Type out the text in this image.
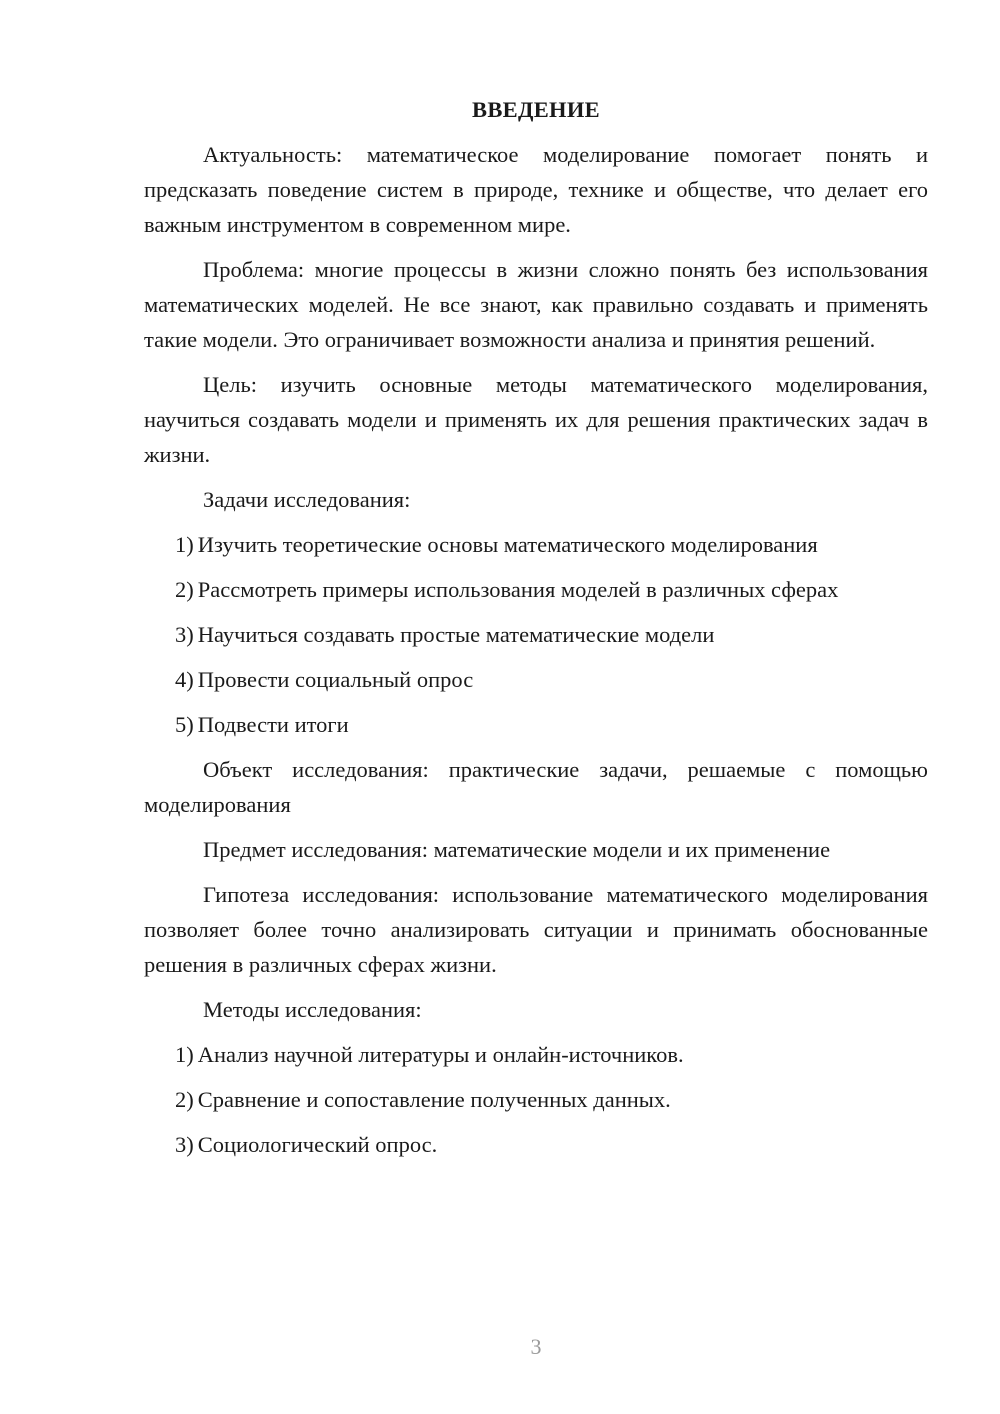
ВВЕДЕНИЕ

Актуальность: математическое моделирование помогает понять и предсказать поведение систем в природе, технике и обществе, что делает его важным инструментом в современном мире.

Проблема: многие процессы в жизни сложно понять без использования математических моделей. Не все знают, как правильно создавать и применять такие модели. Это ограничивает возможности анализа и принятия решений.

Цель: изучить основные методы математического моделирования, научиться создавать модели и применять их для решения практических задач в жизни.

Задачи исследования:

1) Изучить теоретические основы математического моделирования
2) Рассмотреть примеры использования моделей в различных сферах
3) Научиться создавать простые математические модели
4) Провести социальный опрос
5) Подвести итоги

Объект исследования: практические задачи, решаемые с помощью моделирования

Предмет исследования: математические модели и их применение

Гипотеза исследования: использование математического моделирования позволяет более точно анализировать ситуации и принимать обоснованные решения в различных сферах жизни.

Методы исследования:

1) Анализ научной литературы и онлайн-источников.
2) Сравнение и сопоставление полученных данных.
3) Социологический опрос.
3
